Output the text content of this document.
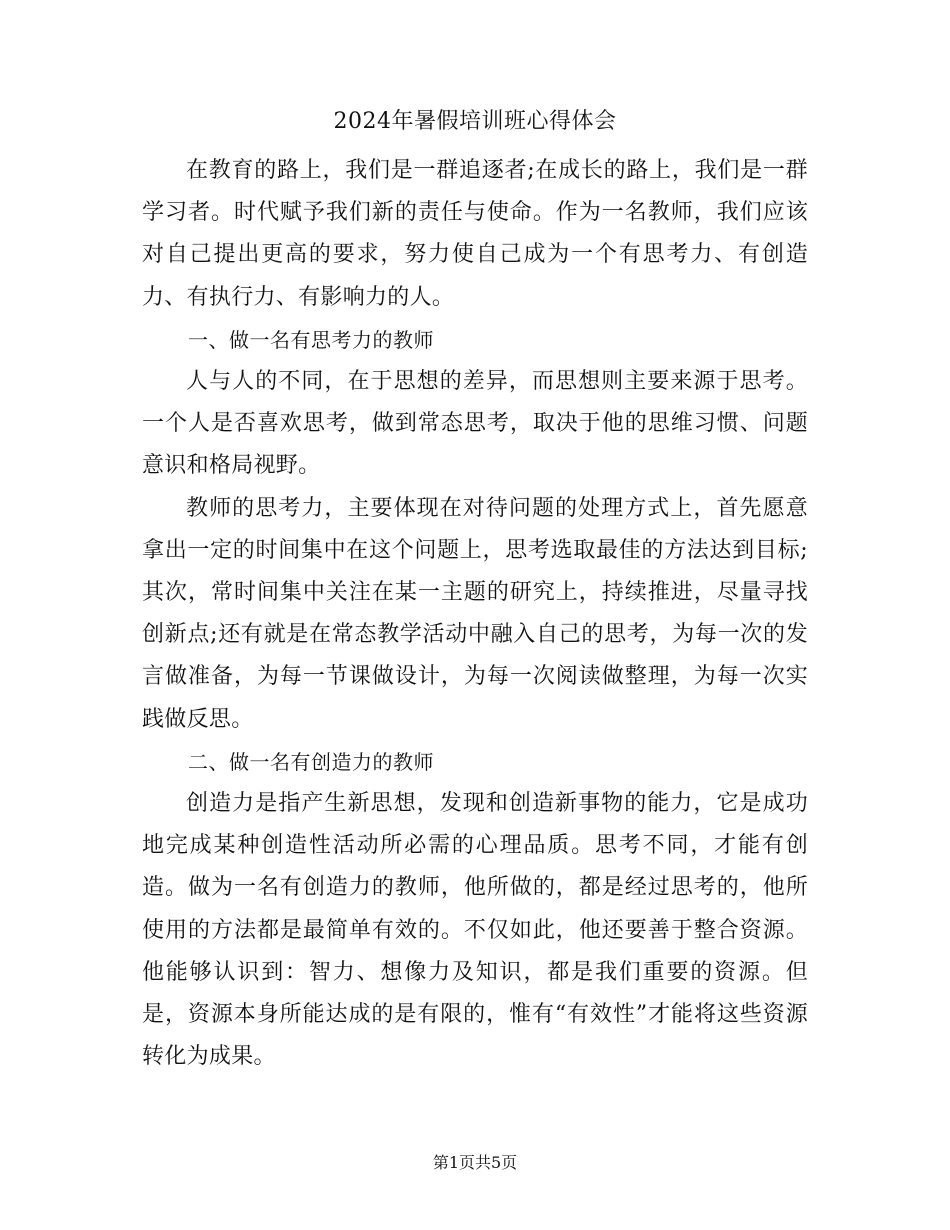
2024年暑假培训班心得体会

在教育的路上，我们是一群追逐者;在成长的路上，我们是一群学习者。时代赋予我们新的责任与使命。作为一名教师，我们应该对自己提出更高的要求，努力使自己成为一个有思考力、有创造力、有执行力、有影响力的人。

一、做一名有思考力的教师

人与人的不同，在于思想的差异，而思想则主要来源于思考。一个人是否喜欢思考，做到常态思考，取决于他的思维习惯、问题意识和格局视野。

教师的思考力，主要体现在对待问题的处理方式上，首先愿意拿出一定的时间集中在这个问题上，思考选取最佳的方法达到目标;其次，常时间集中关注在某一主题的研究上，持续推进，尽量寻找创新点;还有就是在常态教学活动中融入自己的思考，为每一次的发言做准备，为每一节课做设计，为每一次阅读做整理，为每一次实践做反思。

二、做一名有创造力的教师

创造力是指产生新思想，发现和创造新事物的能力，它是成功地完成某种创造性活动所必需的心理品质。思考不同，才能有创造。做为一名有创造力的教师，他所做的，都是经过思考的，他所使用的方法都是最简单有效的。不仅如此，他还要善于整合资源。他能够认识到：智力、想像力及知识，都是我们重要的资源。但是，资源本身所能达成的是有限的，惟有“有效性”才能将这些资源转化为成果。

第1页共5页
